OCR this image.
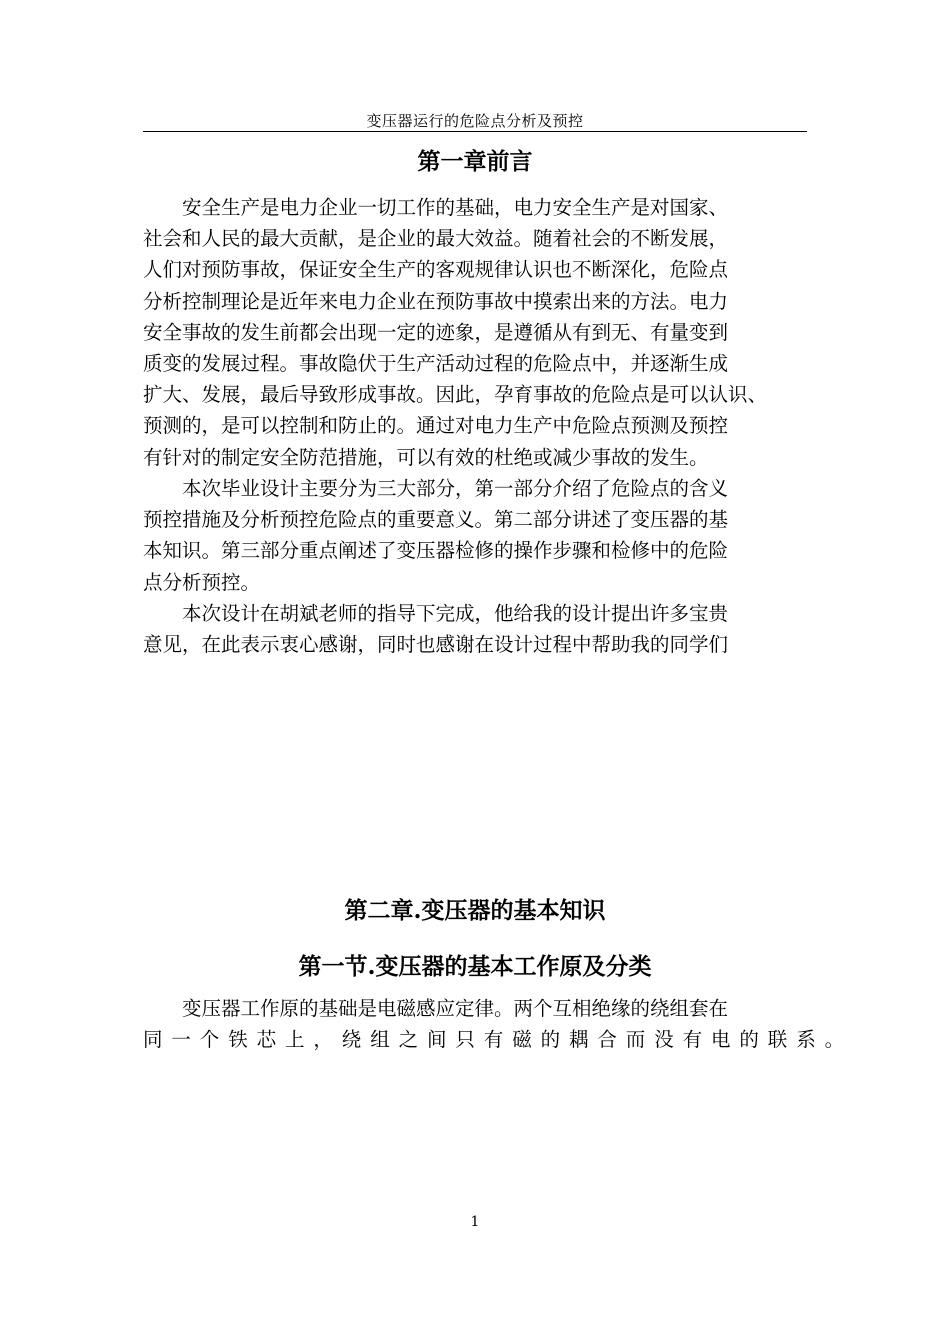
变压器运行的危险点分析及预控
第一章前言

安全生产是电力企业一切工作的基础，电力安全生产是对国家、
社会和人民的最大贡献，是企业的最大效益。随着社会的不断发展，
人们对预防事故，保证安全生产的客观规律认识也不断深化，危险点
分析控制理论是近年来电力企业在预防事故中摸索出来的方法。电力
安全事故的发生前都会出现一定的迹象，是遵循从有到无、有量变到
质变的发展过程。事故隐伏于生产活动过程的危险点中，并逐渐生成
扩大、发展，最后导致形成事故。因此，孕育事故的危险点是可以认识、
预测的，是可以控制和防止的。通过对电力生产中危险点预测及预控
有针对的制定安全防范措施，可以有效的杜绝或减少事故的发生。

本次毕业设计主要分为三大部分，第一部分介绍了危险点的含义
预控措施及分析预控危险点的重要意义。第二部分讲述了变压器的基
本知识。第三部分重点阐述了变压器检修的操作步骤和检修中的危险
点分析预控。

本次设计在胡斌老师的指导下完成，他给我的设计提出许多宝贵
意见，在此表示衷心感谢，同时也感谢在设计过程中帮助我的同学们

第二章.变压器的基本知识
第一节.变压器的基本工作原及分类

变压器工作原的基础是电磁感应定律。两个互相绝缘的绕组套在
同一个铁芯上，绕组之间只有磁的耦合而没有电的联系。

1
